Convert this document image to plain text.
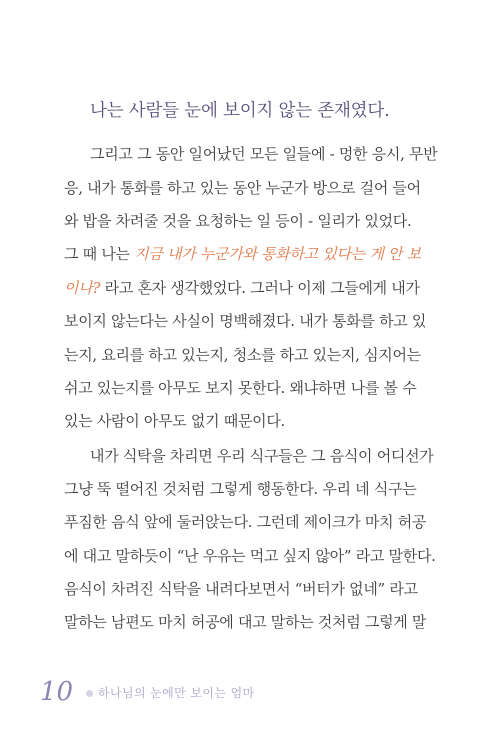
나는 사람들 눈에 보이지 않는 존재였다.
그리고 그 동안 일어났던 모든 일들에 - 멍한 응시, 무반
응, 내가 통화를 하고 있는 동안 누군가 방으로 걸어 들어
와 밥을 차려줄 것을 요청하는 일 등이 - 일리가 있었다.
그 때 나는 지금 내가 누군가와 통화하고 있다는 게 안 보
이나? 라고 혼자 생각했었다. 그러나 이제 그들에게 내가
보이지 않는다는 사실이 명백해졌다. 내가 통화를 하고 있
는지, 요리를 하고 있는지, 청소를 하고 있는지, 심지어는
쉬고 있는지를 아무도 보지 못한다. 왜냐하면 나를 볼 수
있는 사람이 아무도 없기 때문이다.
내가 식탁을 차리면 우리 식구들은 그 음식이 어디선가
그냥 뚝 떨어진 것처럼 그렇게 행동한다. 우리 네 식구는
푸짐한 음식 앞에 둘러앉는다. 그런데 제이크가 마치 허공
에 대고 말하듯이 “난 우유는 먹고 싶지 않아” 라고 말한다.
음식이 차려진 식탁을 내려다보면서 “버터가 없네” 라고
말하는 남편도 마치 허공에 대고 말하는 것처럼 그렇게 말
10 하나님의 눈에만 보이는 엄마
